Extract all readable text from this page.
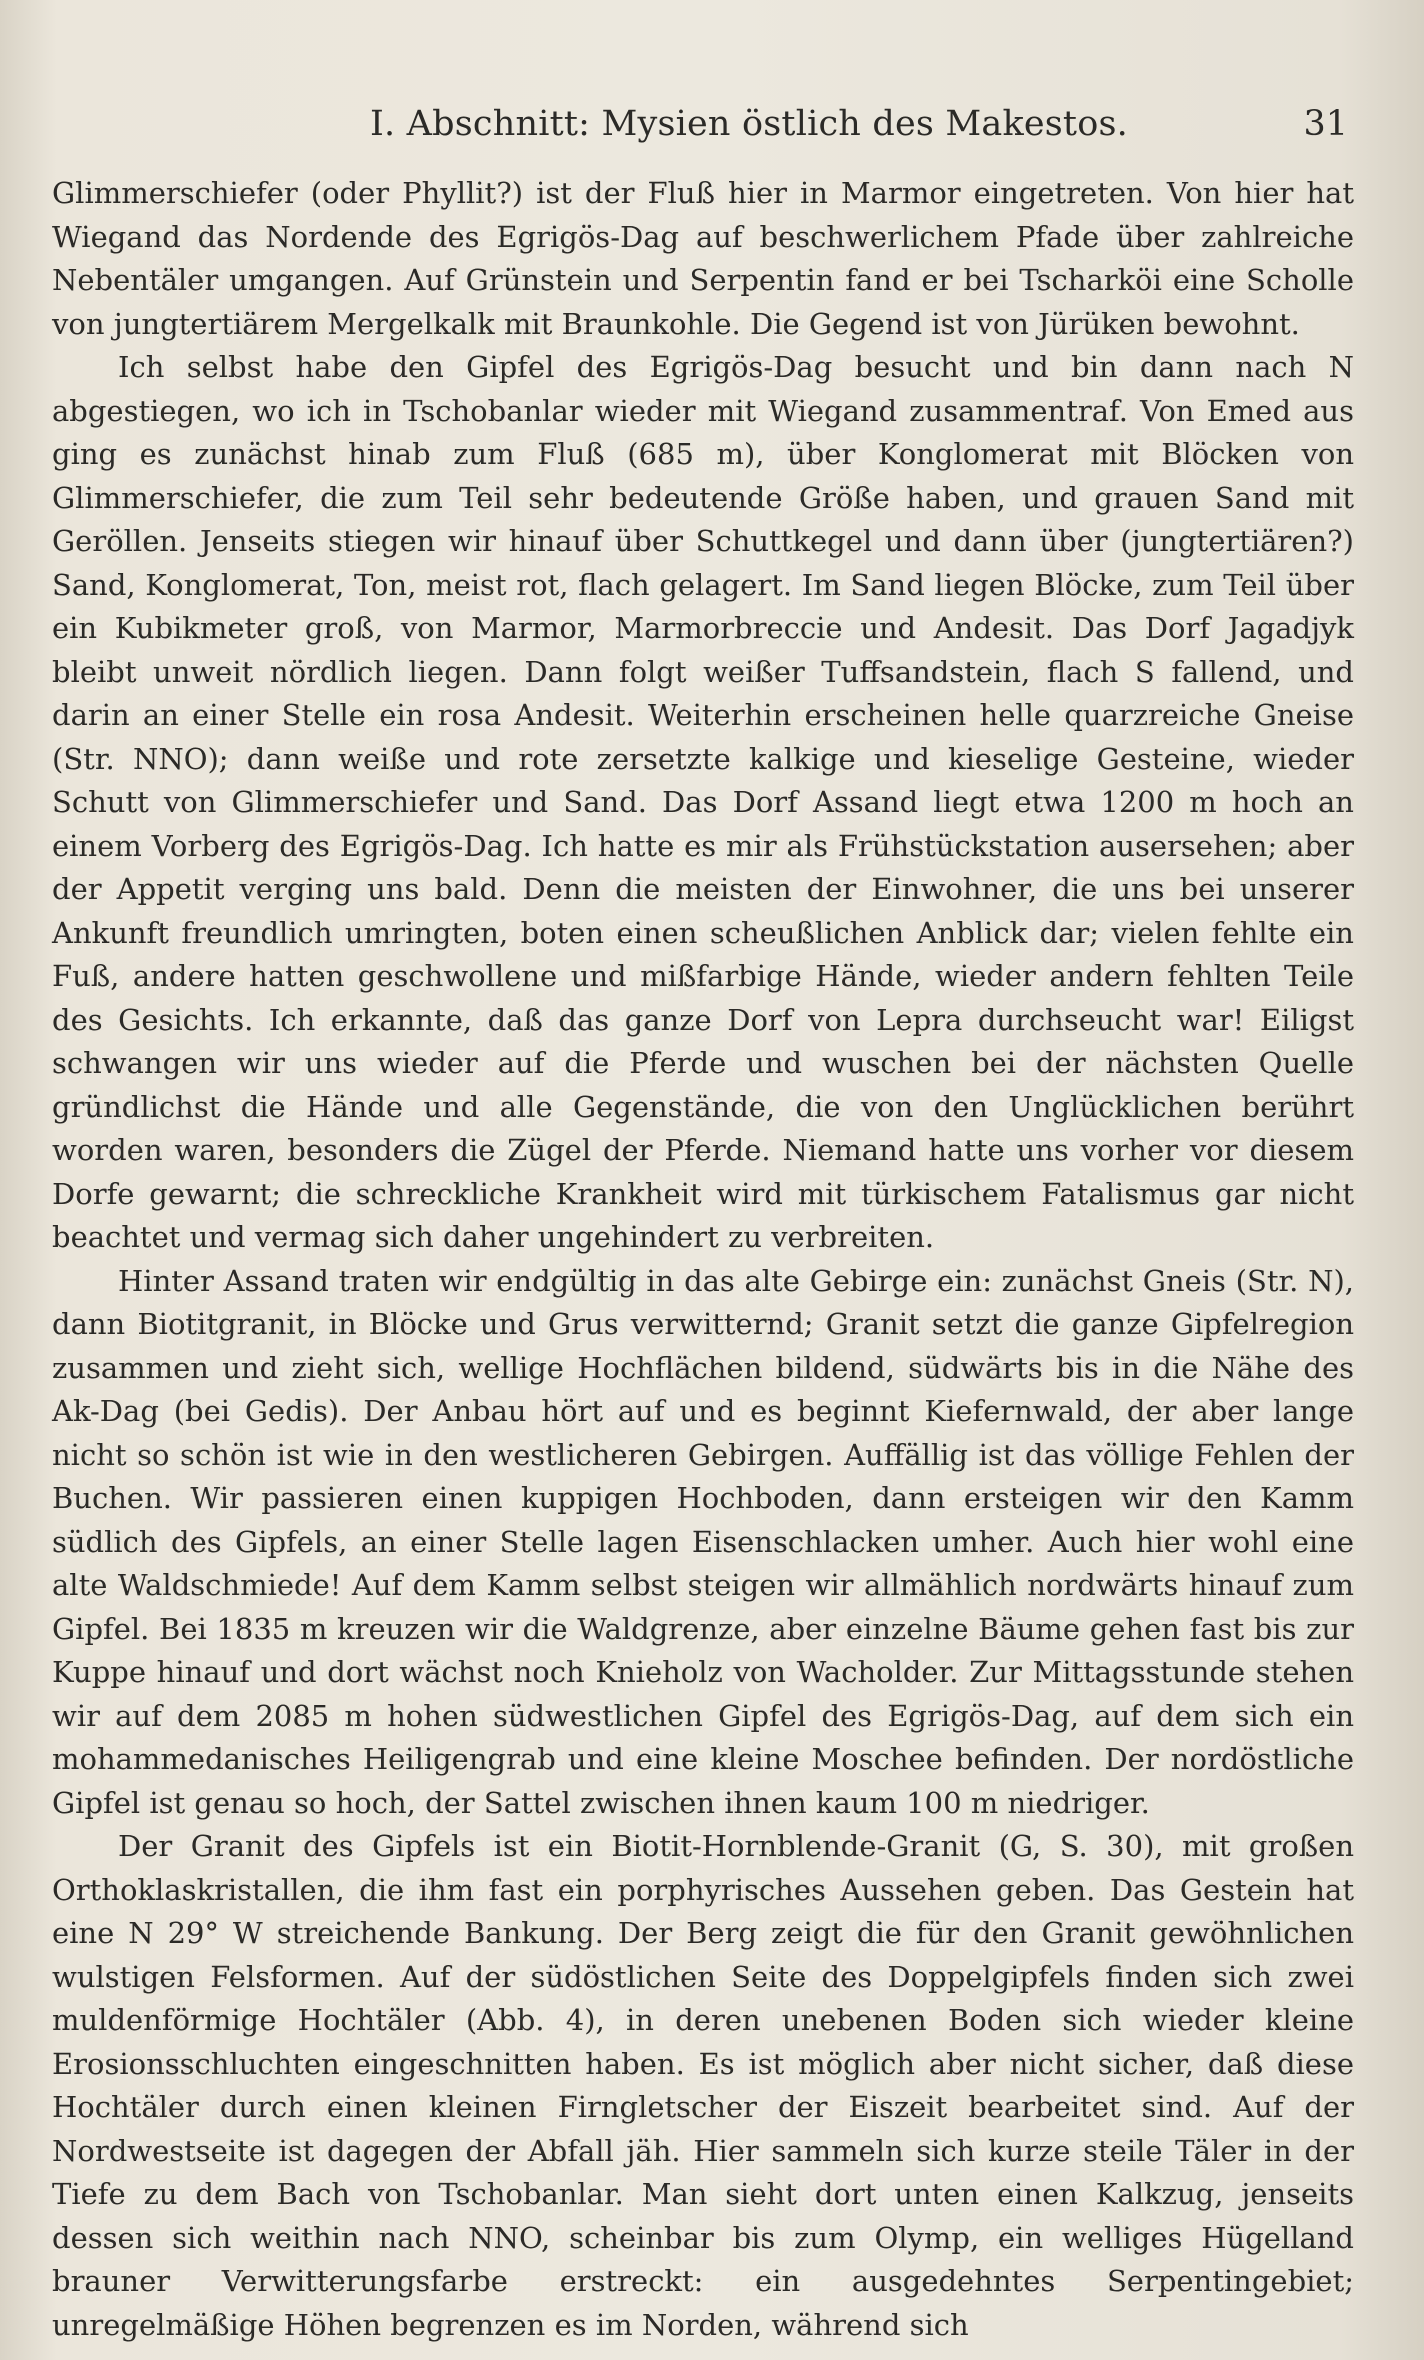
I. Abschnitt: Mysien östlich des Makestos.	31

Glimmerschiefer (oder Phyllit?) ist der Fluß hier in Marmor eingetreten. Von hier hat Wiegand das Nordende des Egrigös-Dag auf beschwerlichem Pfade über zahlreiche Nebentäler umgangen. Auf Grünstein und Serpentin fand er bei Tscharköi eine Scholle von jungtertiärem Mergelkalk mit Braunkohle. Die Gegend ist von Jürüken bewohnt.

Ich selbst habe den Gipfel des Egrigös-Dag besucht und bin dann nach N abgestiegen, wo ich in Tschobanlar wieder mit Wiegand zusammentraf. Von Emed aus ging es zunächst hinab zum Fluß (685 m), über Konglomerat mit Blöcken von Glimmerschiefer, die zum Teil sehr bedeutende Größe haben, und grauen Sand mit Geröllen. Jenseits stiegen wir hinauf über Schuttkegel und dann über (jungtertiären?) Sand, Konglomerat, Ton, meist rot, flach gelagert. Im Sand liegen Blöcke, zum Teil über ein Kubikmeter groß, von Marmor, Marmorbreccie und Andesit. Das Dorf Jagadjyk bleibt unweit nördlich liegen. Dann folgt weißer Tuffsandstein, flach S fallend, und darin an einer Stelle ein rosa Andesit. Weiterhin erscheinen helle quarzreiche Gneise (Str. NNO); dann weiße und rote zersetzte kalkige und kieselige Gesteine, wieder Schutt von Glimmerschiefer und Sand. Das Dorf Assand liegt etwa 1200 m hoch an einem Vorberg des Egrigös-Dag. Ich hatte es mir als Frühstückstation ausersehen; aber der Appetit verging uns bald. Denn die meisten der Einwohner, die uns bei unserer Ankunft freundlich umringten, boten einen scheußlichen Anblick dar; vielen fehlte ein Fuß, andere hatten geschwollene und mißfarbige Hände, wieder andern fehlten Teile des Gesichts. Ich erkannte, daß das ganze Dorf von Lepra durchseucht war! Eiligst schwangen wir uns wieder auf die Pferde und wuschen bei der nächsten Quelle gründlichst die Hände und alle Gegenstände, die von den Unglücklichen berührt worden waren, besonders die Zügel der Pferde. Niemand hatte uns vorher vor diesem Dorfe gewarnt; die schreckliche Krankheit wird mit türkischem Fatalismus gar nicht beachtet und vermag sich daher ungehindert zu verbreiten.

Hinter Assand traten wir endgültig in das alte Gebirge ein: zunächst Gneis (Str. N), dann Biotitgranit, in Blöcke und Grus verwitternd; Granit setzt die ganze Gipfelregion zusammen und zieht sich, wellige Hochflächen bildend, südwärts bis in die Nähe des Ak-Dag (bei Gedis). Der Anbau hört auf und es beginnt Kiefernwald, der aber lange nicht so schön ist wie in den westlicheren Gebirgen. Auffällig ist das völlige Fehlen der Buchen. Wir passieren einen kuppigen Hochboden, dann ersteigen wir den Kamm südlich des Gipfels, an einer Stelle lagen Eisenschlacken umher. Auch hier wohl eine alte Waldschmiede! Auf dem Kamm selbst steigen wir allmählich nordwärts hinauf zum Gipfel. Bei 1835 m kreuzen wir die Waldgrenze, aber einzelne Bäume gehen fast bis zur Kuppe hinauf und dort wächst noch Knieholz von Wacholder. Zur Mittagsstunde stehen wir auf dem 2085 m hohen südwestlichen Gipfel des Egrigös-Dag, auf dem sich ein mohammedanisches Heiligengrab und eine kleine Moschee befinden. Der nordöstliche Gipfel ist genau so hoch, der Sattel zwischen ihnen kaum 100 m niedriger.

Der Granit des Gipfels ist ein Biotit-Hornblende-Granit (G, S. 30), mit großen Orthoklaskristallen, die ihm fast ein porphyrisches Aussehen geben. Das Gestein hat eine N 29° W streichende Bankung. Der Berg zeigt die für den Granit gewöhnlichen wulstigen Felsformen. Auf der südöstlichen Seite des Doppelgipfels finden sich zwei muldenförmige Hochtäler (Abb. 4), in deren unebenen Boden sich wieder kleine Erosionsschluchten eingeschnitten haben. Es ist möglich aber nicht sicher, daß diese Hochtäler durch einen kleinen Firngletscher der Eiszeit bearbeitet sind. Auf der Nordwestseite ist dagegen der Abfall jäh. Hier sammeln sich kurze steile Täler in der Tiefe zu dem Bach von Tschobanlar. Man sieht dort unten einen Kalkzug, jenseits dessen sich weithin nach NNO, scheinbar bis zum Olymp, ein welliges Hügelland brauner Verwitterungsfarbe erstreckt: ein ausgedehntes Serpentingebiet; unregelmäßige Höhen begrenzen es im Norden, während sich
